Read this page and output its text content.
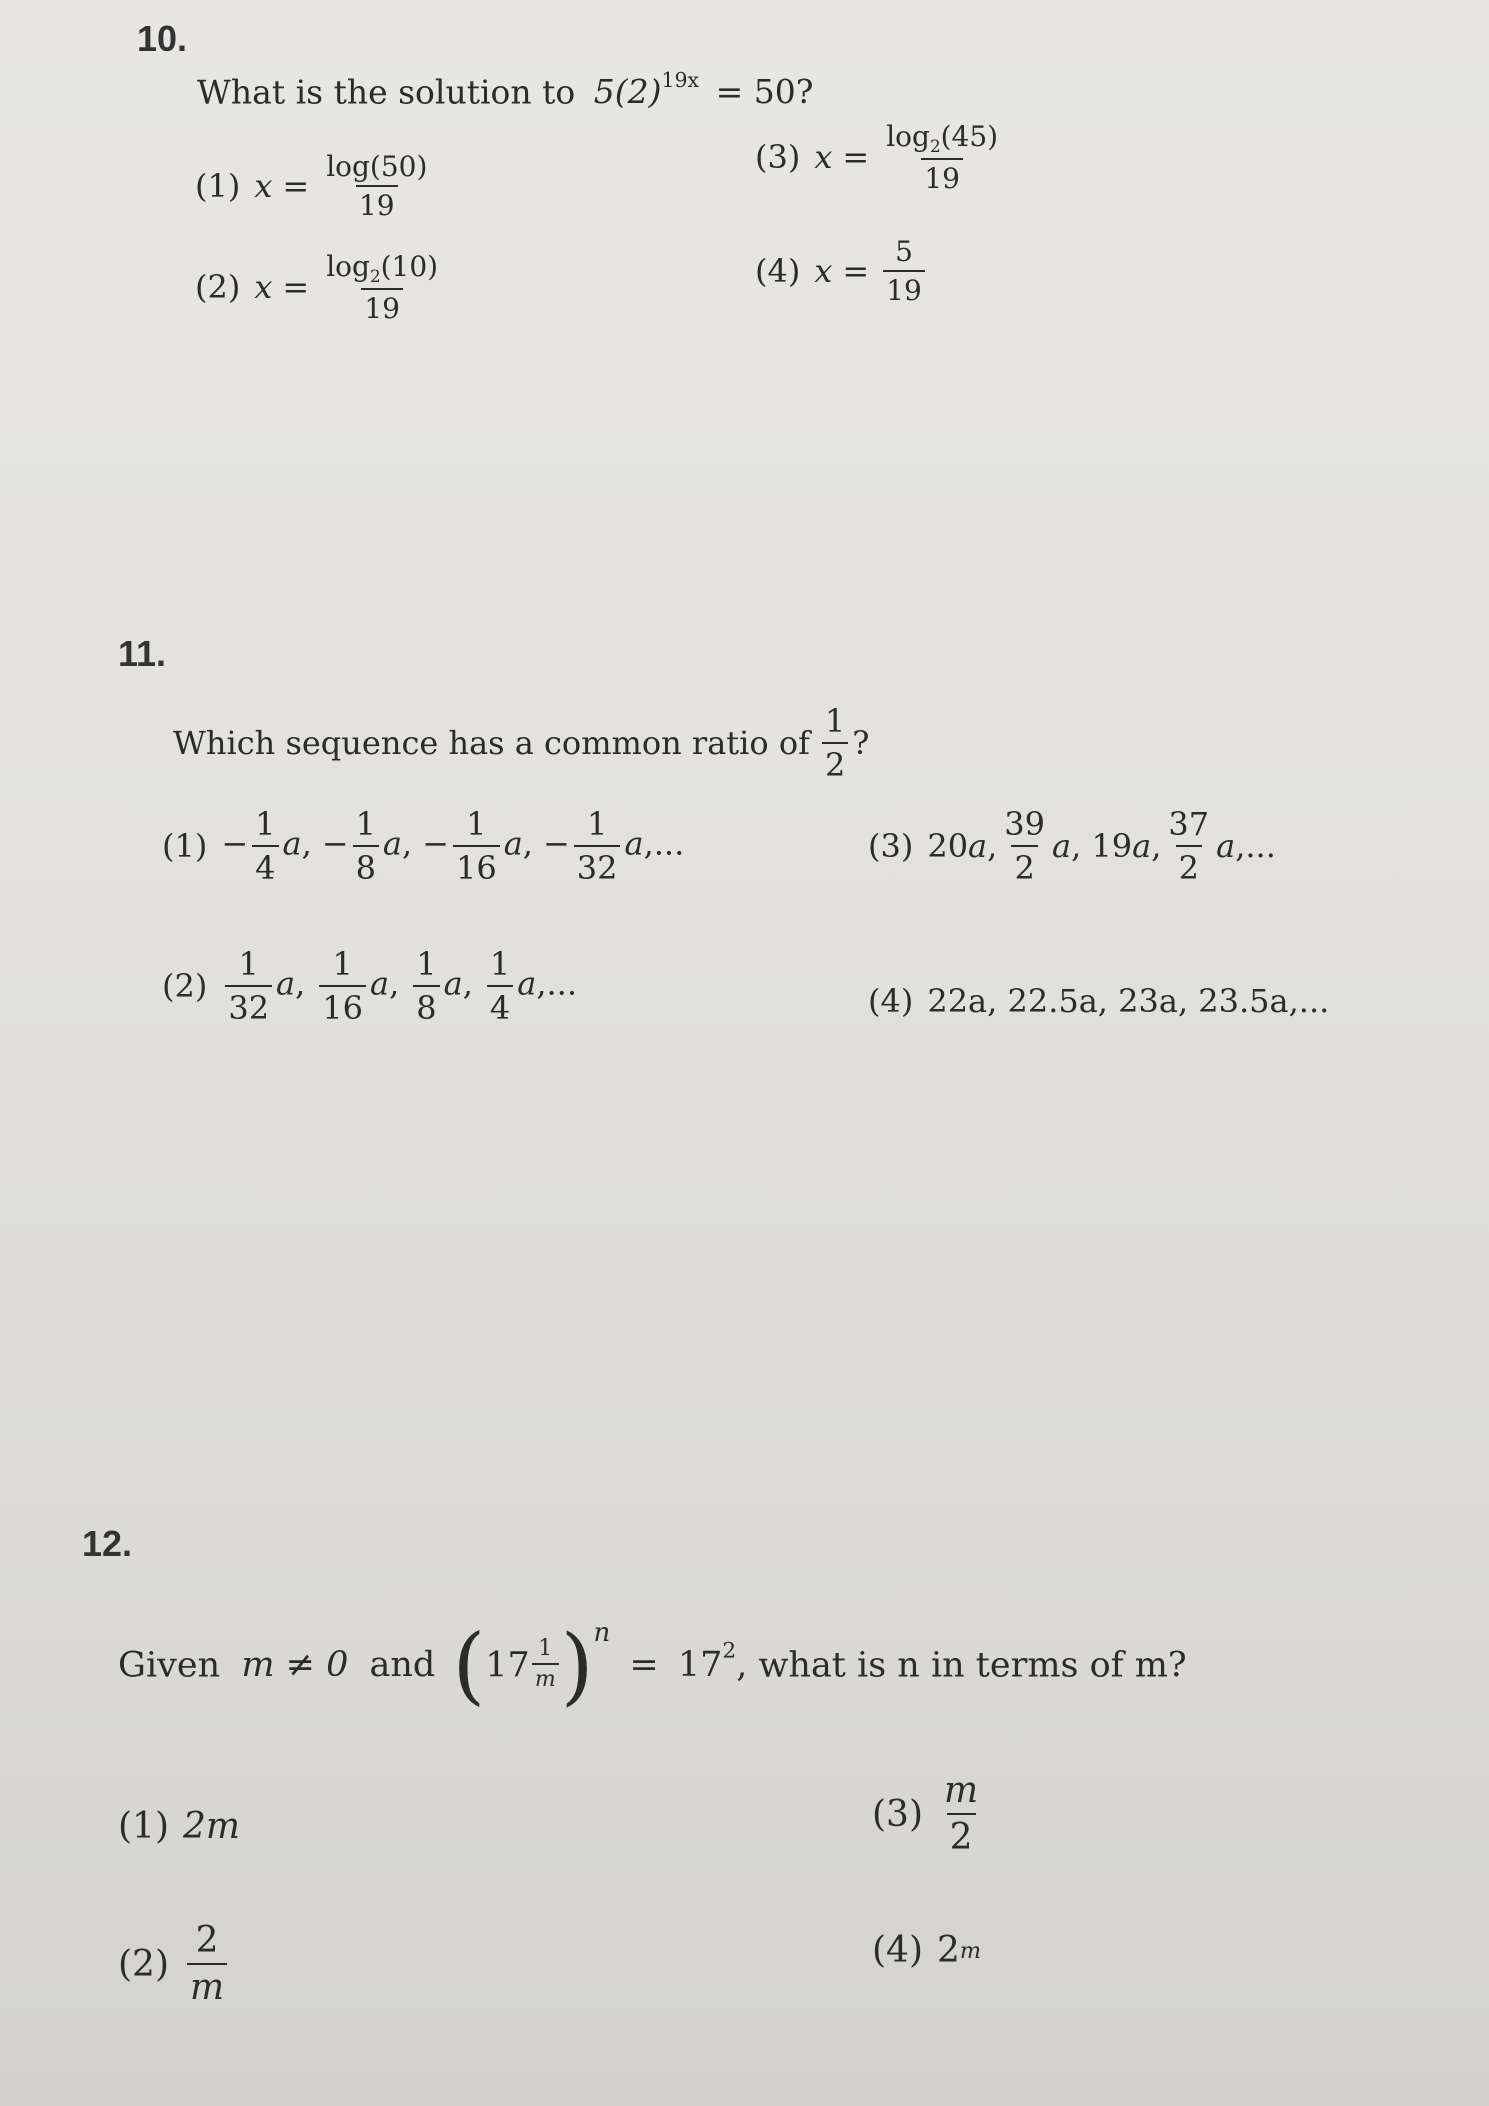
10.
What is the solution to $5(2)^{19x} = 50$?
(1) $x = \frac{\log(50)}{19}$
(2) $x = \frac{\log_2(10)}{19}$
(3) $x = \frac{\log_2(45)}{19}$
(4) $x = \frac{5}{19}$
11.
Which sequence has a common ratio of $\frac{1}{2}$ ?
$(1) - \frac{1}{4} a$, − $\frac{1}{8} a$, − $\frac{1}{16} a$, − $\frac{1}{32} a$,...
$(2) \frac{1}{32} a$, $\frac{1}{16} a$, $\frac{1}{8} a$, $\frac{1}{4} a$,...
(3) 20 a , $\frac{39}{2}$ a , 19 a , $\frac{37}{2}$ a ,...
(4) 22a, 22.5a, 23a, 23.5a,...
12.
Given m ≠ 0 and $(17 \frac{1}{m} )^n = 17^2$, what is n in terms of m?
(1) 2m
$(2) \frac{2}{m}$
$(3) \frac{m}{2}$
(4) 2 m
